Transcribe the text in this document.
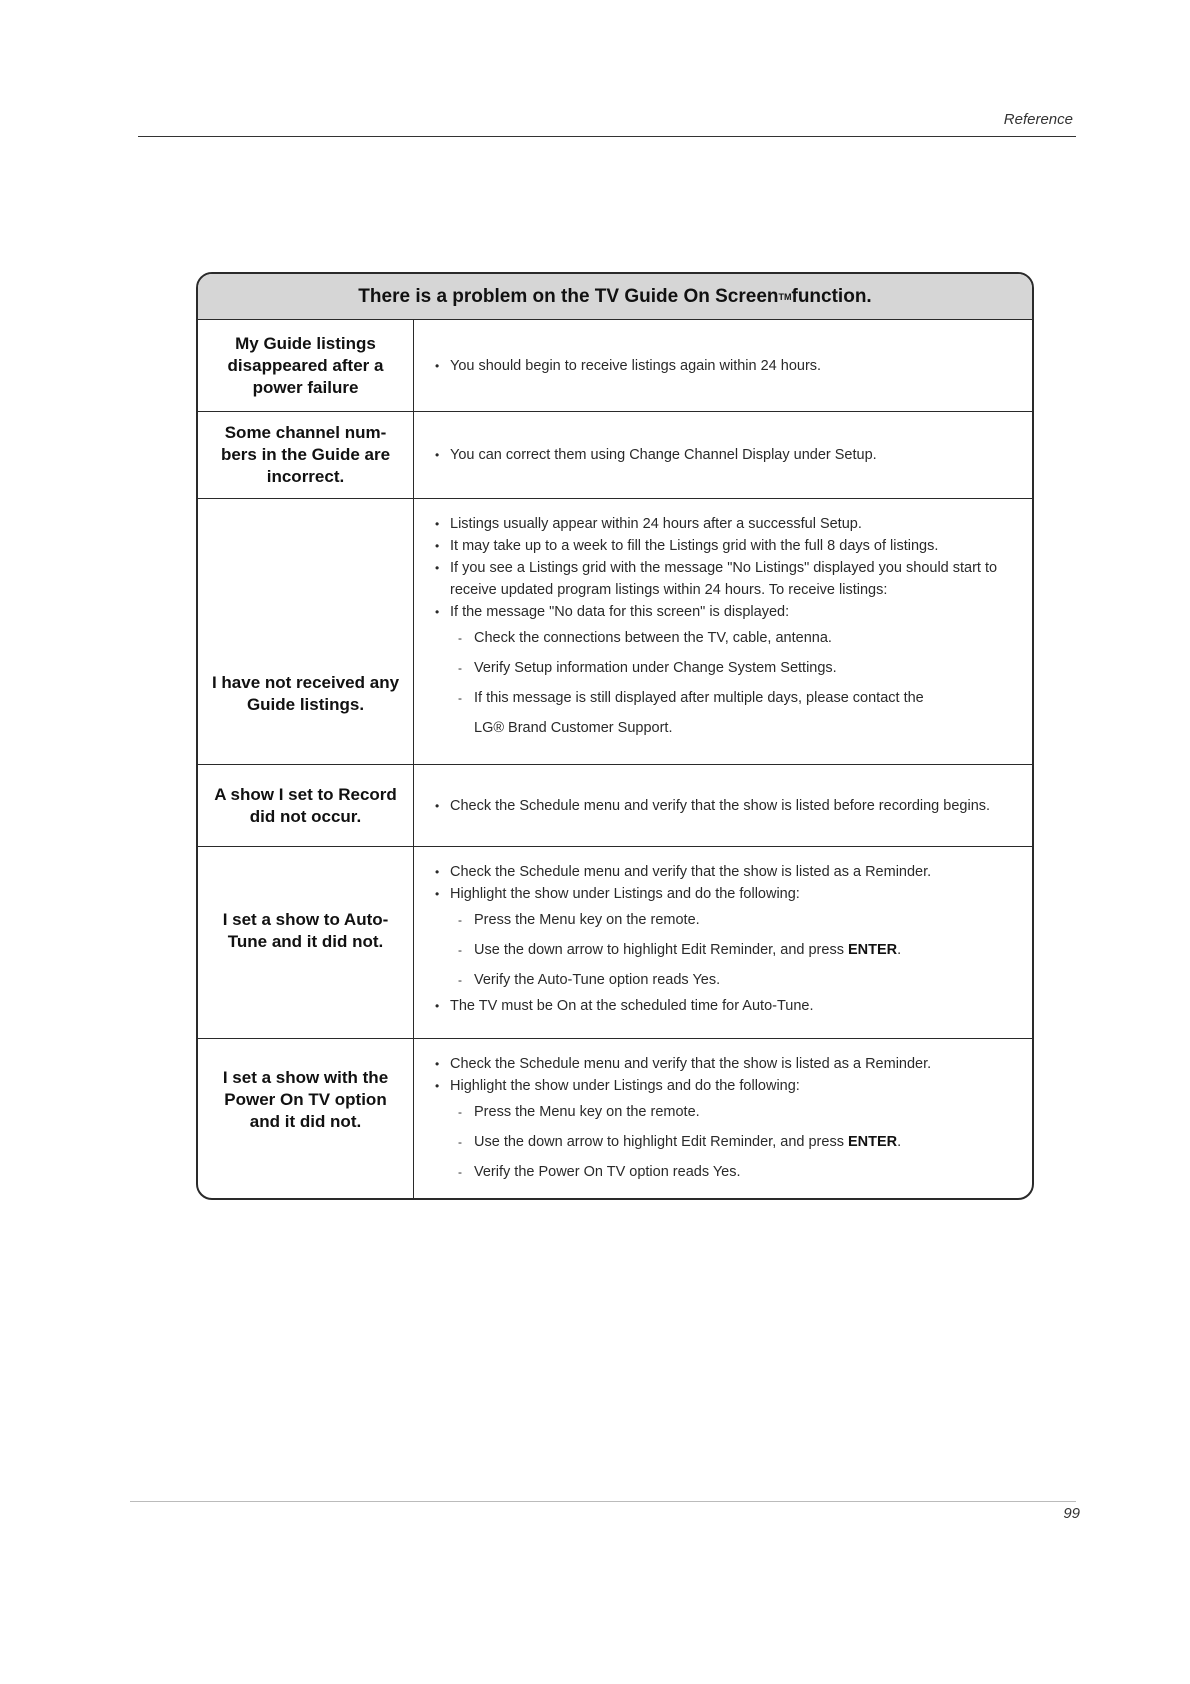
Reference
There is a problem on the TV Guide On Screen TM function.
My Guide listings disappeared after a power failure
• You should begin to receive listings again within 24 hours.
Some channel num-
bers in the Guide are
incorrect.
• You can correct them using Change Channel Display under Setup.
I have not received any Guide listings.
• Listings usually appear within 24 hours after a successful Setup.
• It may take up to a week to fill the Listings grid with the full 8 days of listings.
• If you see a Listings grid with the message "No Listings" displayed you should start to receive updated program listings within 24 hours. To receive listings:
• If the message "No data for this screen" is displayed:
- Check the connections between the TV, cable, antenna.
- Verify Setup information under Change System Settings.
- If this message is still displayed after multiple days, please contact the
LG® Brand Customer Support.
A show I set to Record did not occur.
• Check the Schedule menu and verify that the show is listed before recording begins.
I set a show to Auto-Tune and it did not.
• Check the Schedule menu and verify that the show is listed as a Reminder.
• Highlight the show under Listings and do the following:
- Press the Menu key on the remote.
- Use the down arrow to highlight Edit Reminder, and press ENTER.
- Verify the Auto-Tune option reads Yes.
• The TV must be On at the scheduled time for Auto-Tune.
I set a show with the Power On TV option and it did not.
• Check the Schedule menu and verify that the show is listed as a Reminder.
• Highlight the show under Listings and do the following:
- Press the Menu key on the remote.
- Use the down arrow to highlight Edit Reminder, and press ENTER.
- Verify the Power On TV option reads Yes.
99
